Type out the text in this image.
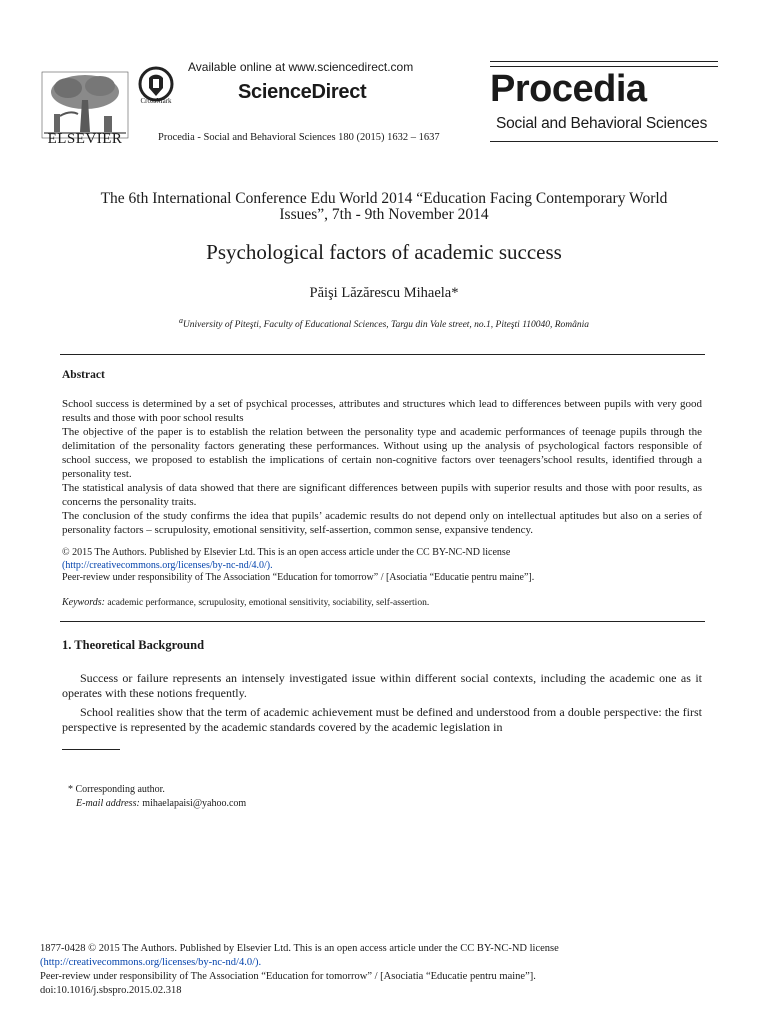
ELSEVIER
CrossMark
Available online at www.sciencedirect.com
ScienceDirect
Procedia - Social and Behavioral Sciences 180 (2015) 1632 – 1637
Procedia
Social and Behavioral Sciences
The 6th International Conference Edu World 2014 “Education Facing Contemporary World
Issues”, 7th - 9th November 2014
Psychological factors of academic success
Păişi Lăzărescu Mihaela*
$^a$University of Piteşti, Faculty of Educational Sciences, Targu din Vale street, no.1, Piteşti 110040, România
Abstract
School success is determined by a set of psychical processes, attributes and structures which lead to differences between pupils with very good results and those with poor school results
The objective of the paper is to establish the relation between the personality type and academic performances of teenage pupils through the delimitation of the personality factors generating these performances. Without using up the analysis of psychological factors responsible of school success, we proposed to establish the implications of certain non-cognitive factors over teenagers’school results, identified through a personality test.
The statistical analysis of data showed that there are significant differences between pupils with superior results and those with poor results, as concerns the personality traits.
The conclusion of the study confirms the idea that pupils’ academic results do not depend only on intellectual aptitudes but also on a series of personality factors – scrupulosity, emotional sensitivity, self-assertion, common sense, expansive tendency.
© 2015 The Authors. Published by Elsevier Ltd. This is an open access article under the CC BY-NC-ND license
(http://creativecommons.org/licenses/by-nc-nd/4.0/).
Peer-review under responsibility of The Association “Education for tomorrow” / [Asociatia “Educatie pentru maine”].
Keywords: academic performance, scrupulosity, emotional sensitivity, sociability, self-assertion.
1. Theoretical Background
Success or failure represents an intensely investigated issue within different social contexts, including the academic one as it operates with these notions frequently.
School realities show that the term of academic achievement must be defined and understood from a double perspective: the first perspective is represented by the academic standards covered by the academic legislation in
* Corresponding author.
E-mail address: mihaelapaisi@yahoo.com
1877-0428 © 2015 The Authors. Published by Elsevier Ltd. This is an open access article under the CC BY-NC-ND license
(http://creativecommons.org/licenses/by-nc-nd/4.0/).
Peer-review under responsibility of The Association “Education for tomorrow” / [Asociatia “Educatie pentru maine”].
doi:10.1016/j.sbspro.2015.02.318
